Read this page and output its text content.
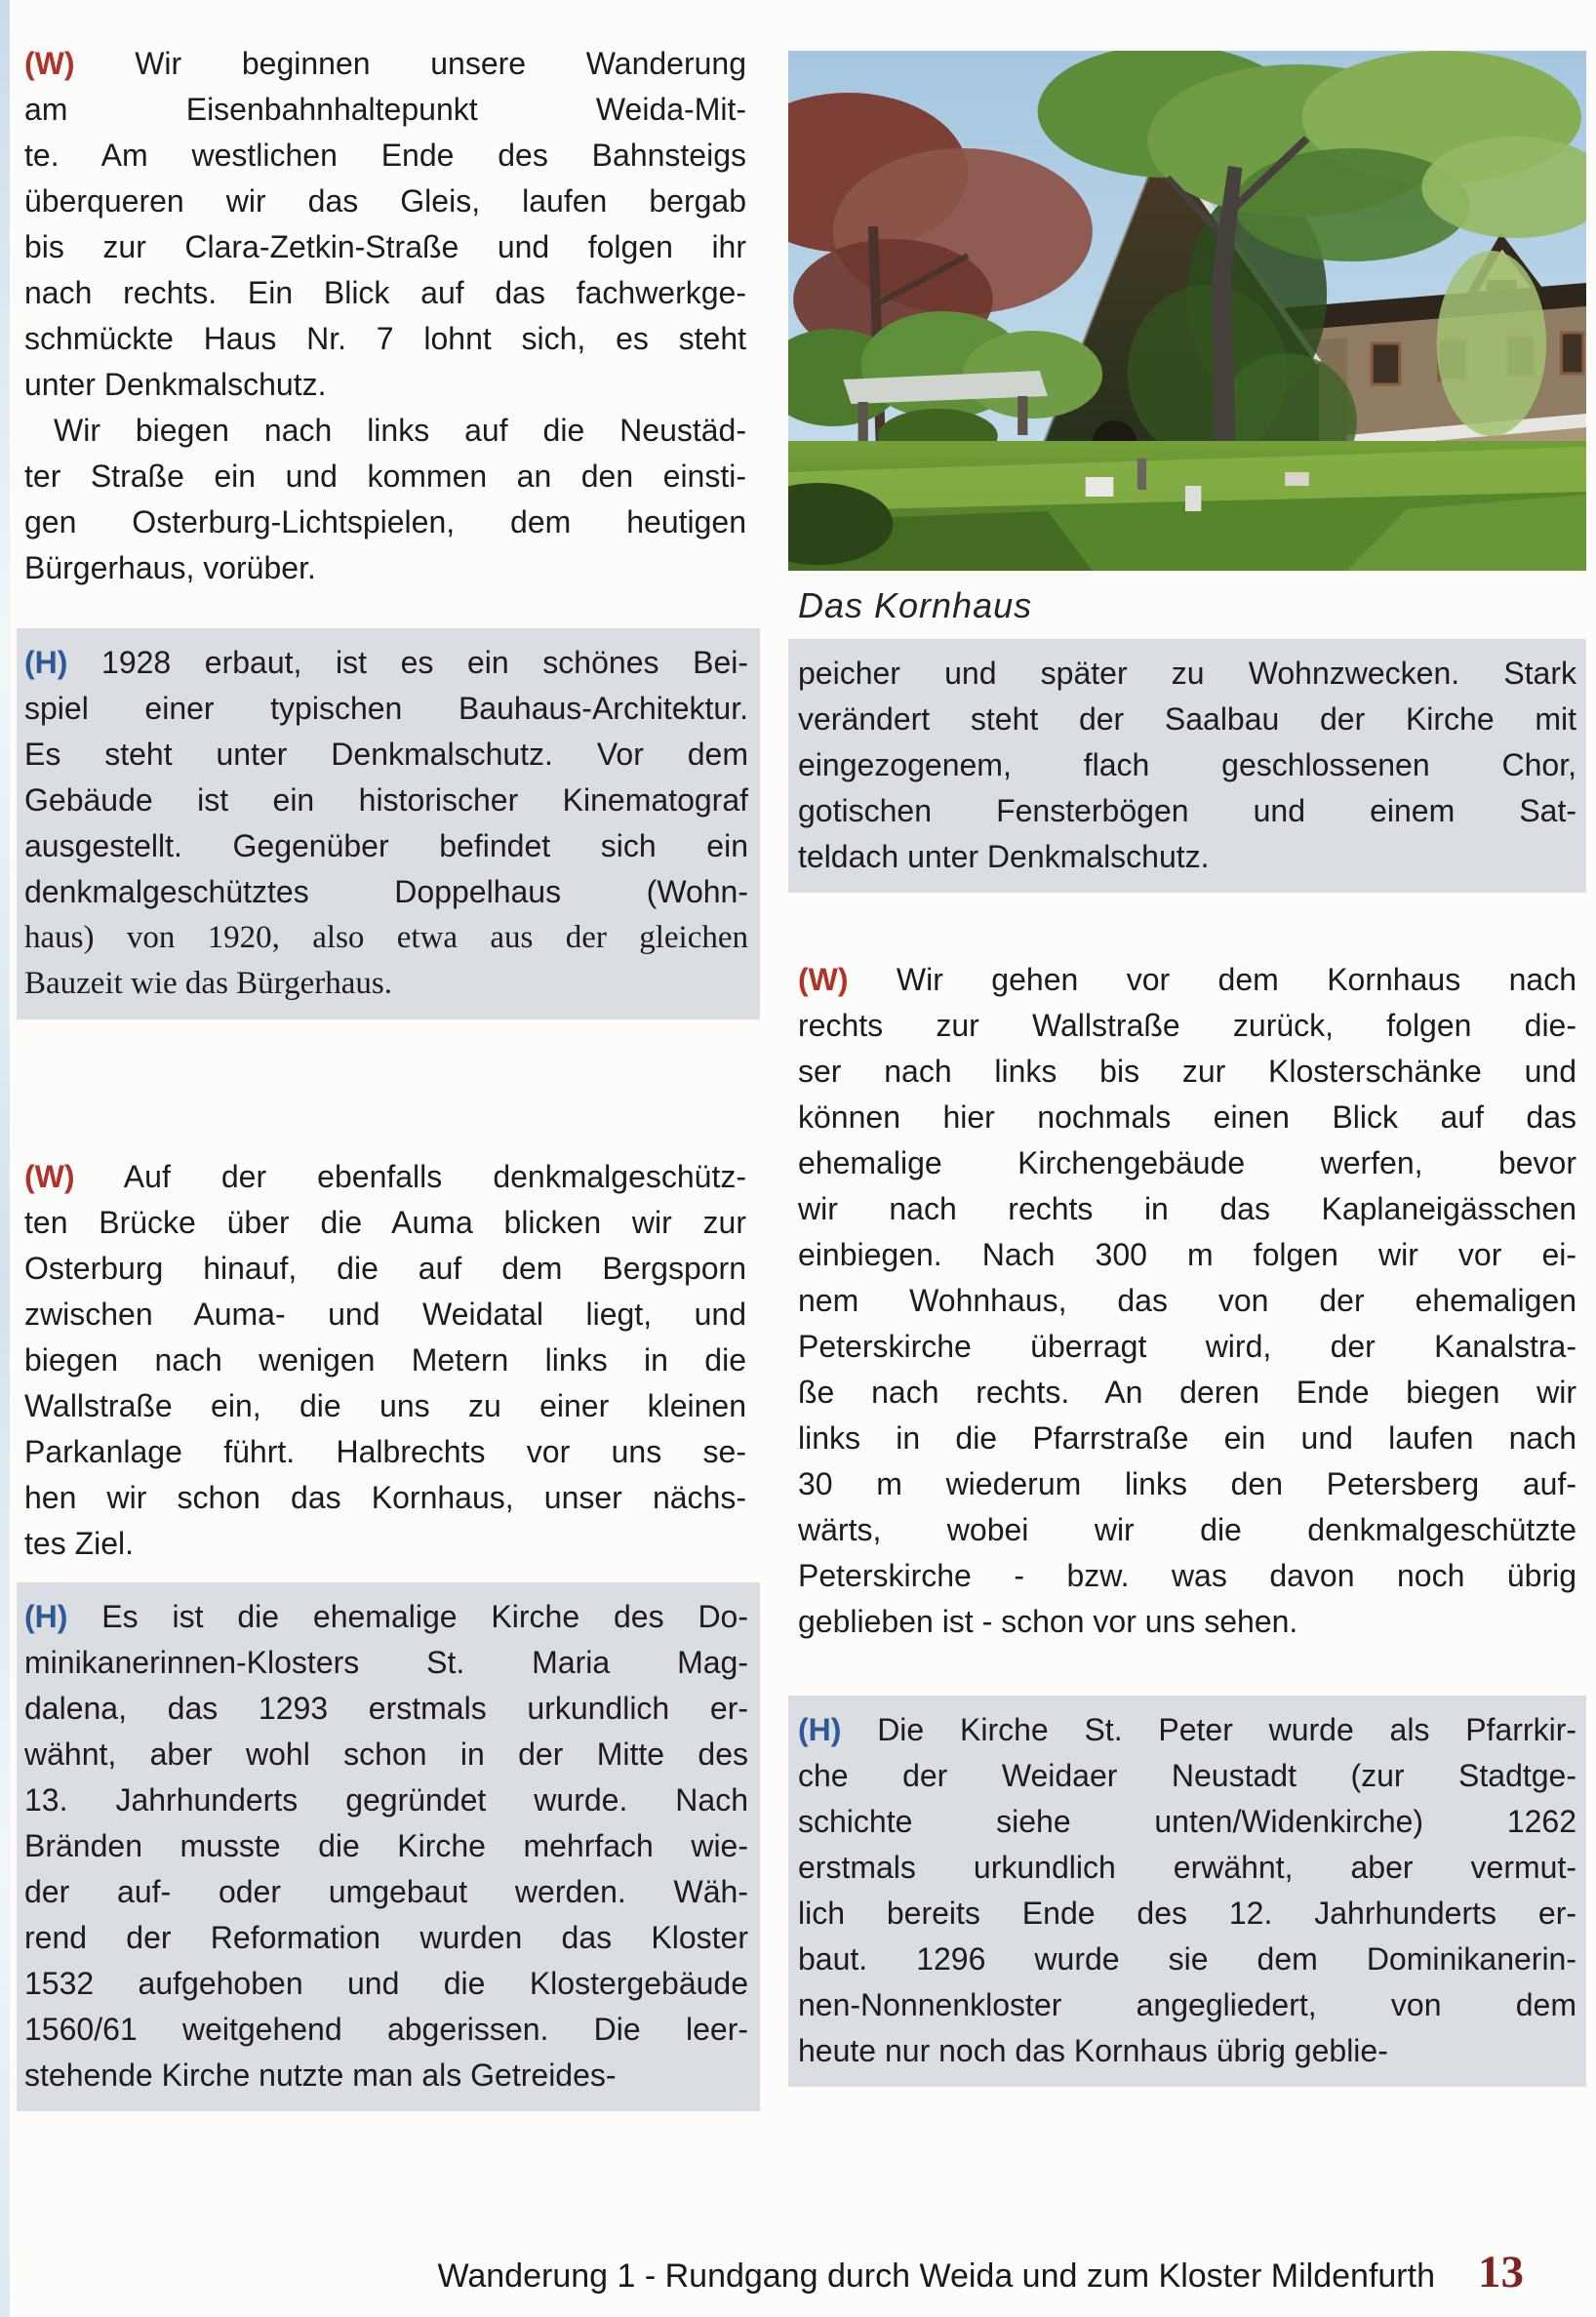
(W) Wir beginnen unsere Wanderung
am Eisenbahnhaltepunkt Weida-Mit-
te. Am westlichen Ende des Bahnsteigs
überqueren wir das Gleis, laufen bergab
bis zur Clara-Zetkin-Straße und folgen ihr
nach rechts. Ein Blick auf das fachwerkge-
schmückte Haus Nr. 7 lohnt sich, es steht
unter Denkmalschutz.
Wir biegen nach links auf die Neustäd-
ter Straße ein und kommen an den einsti-
gen Osterburg-Lichtspielen, dem heutigen
Bürgerhaus, vorüber.
(H) 1928 erbaut, ist es ein schönes Bei-
spiel einer typischen Bauhaus-Architektur.
Es steht unter Denkmalschutz. Vor dem
Gebäude ist ein historischer Kinematograf
ausgestellt. Gegenüber befindet sich ein
denkmalgeschütztes Doppelhaus (Wohn-
haus) von 1920, also etwa aus der gleichen
Bauzeit wie das Bürgerhaus.
(W) Auf der ebenfalls denkmalgeschütz-
ten Brücke über die Auma blicken wir zur
Osterburg hinauf, die auf dem Bergsporn
zwischen Auma- und Weidatal liegt, und
biegen nach wenigen Metern links in die
Wallstraße ein, die uns zu einer kleinen
Parkanlage führt. Halbrechts vor uns se-
hen wir schon das Kornhaus, unser nächs-
tes Ziel.
(H) Es ist die ehemalige Kirche des Do-
minikanerinnen-Klosters St. Maria Mag-
dalena, das 1293 erstmals urkundlich er-
wähnt, aber wohl schon in der Mitte des
13. Jahrhunderts gegründet wurde. Nach
Bränden musste die Kirche mehrfach wie-
der auf- oder umgebaut werden. Wäh-
rend der Reformation wurden das Kloster
1532 aufgehoben und die Klostergebäude
1560/61 weitgehend abgerissen. Die leer-
stehende Kirche nutzte man als Getreides-
Das Kornhaus
peicher und später zu Wohnzwecken. Stark
verändert steht der Saalbau der Kirche mit
eingezogenem, flach geschlossenen Chor,
gotischen Fensterbögen und einem Sat-
teldach unter Denkmalschutz.
(W) Wir gehen vor dem Kornhaus nach
rechts zur Wallstraße zurück, folgen die-
ser nach links bis zur Klosterschänke und
können hier nochmals einen Blick auf das
ehemalige Kirchengebäude werfen, bevor
wir nach rechts in das Kaplaneigässchen
einbiegen. Nach 300 m folgen wir vor ei-
nem Wohnhaus, das von der ehemaligen
Peterskirche überragt wird, der Kanalstra-
ße nach rechts. An deren Ende biegen wir
links in die Pfarrstraße ein und laufen nach
30 m wiederum links den Petersberg auf-
wärts, wobei wir die denkmalgeschützte
Peterskirche - bzw. was davon noch übrig
geblieben ist - schon vor uns sehen.
(H) Die Kirche St. Peter wurde als Pfarrkir-
che der Weidaer Neustadt (zur Stadtge-
schichte siehe unten/Widenkirche) 1262
erstmals urkundlich erwähnt, aber vermut-
lich bereits Ende des 12. Jahrhunderts er-
baut. 1296 wurde sie dem Dominikanerin-
nen-Nonnenkloster angegliedert, von dem
heute nur noch das Kornhaus übrig geblie-
Wanderung 1 - Rundgang durch Weida und zum Kloster Mildenfurth 13
